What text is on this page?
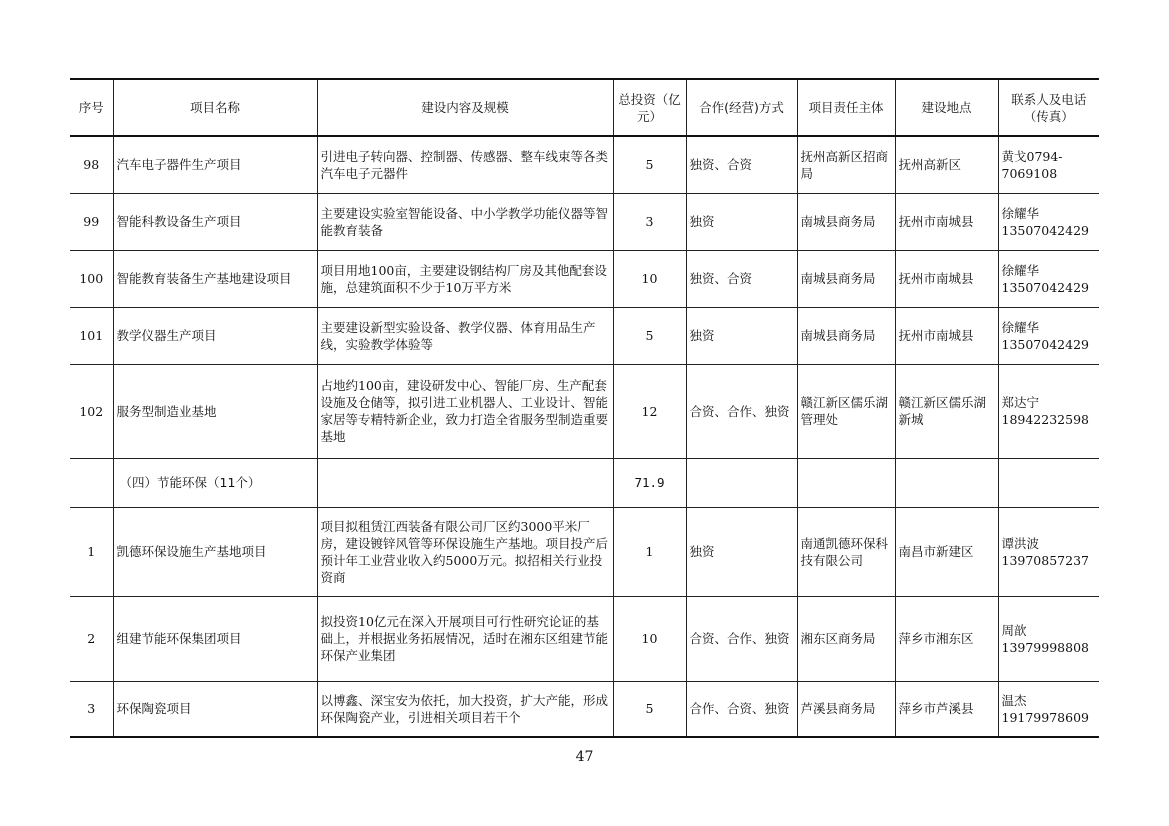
序号	项目名称	建设内容及规模	总投资（亿元）	合作(经营)方式	项目责任主体	建设地点	联系人及电话（传真）
98	汽车电子器件生产项目	引进电子转向器、控制器、传感器、整车线束等各类汽车电子元器件	5	独资、合资	抚州高新区招商局	抚州高新区	黄戈0794-
7069108

99	智能科教设备生产项目	主要建设实验室智能设备、中小学教学功能仪器等智能教育装备	3	独资	南城县商务局	抚州市南城县	徐耀华
13507042429

100	智能教育装备生产基地建设项目	项目用地100亩，主要建设钢结构厂房及其他配套设施，总建筑面积不少于10万平方米	10	独资、合资	南城县商务局	抚州市南城县	徐耀华
13507042429

101	教学仪器生产项目	主要建设新型实验设备、教学仪器、体育用品生产线，实验教学体验等	5	独资	南城县商务局	抚州市南城县	徐耀华
13507042429

102	服务型制造业基地	占地约100亩，建设研发中心、智能厂房、生产配套设施及仓储等，拟引进工业机器人、工业设计、智能家居等专精特新企业，致力打造全省服务型制造重要基地	12	合资、合作、独资	赣江新区儒乐湖管理处	赣江新区儒乐湖新城	郑达宁
18942232598

	（四）节能环保（11个）		71.9				
1	凯德环保设施生产基地项目	项目拟租赁江西装备有限公司厂区约3000平米厂房，建设镀锌风管等环保设施生产基地。项目投产后预计年工业营业收入约5000万元。拟招相关行业投资商	1	独资	南通凯德环保科技有限公司	南昌市新建区	谭洪波
13970857237

2	组建节能环保集团项目	拟投资10亿元在深入开展项目可行性研究论证的基础上，并根据业务拓展情况，适时在湘东区组建节能环保产业集团	10	合资、合作、独资	湘东区商务局	萍乡市湘东区	周歆
13979998808

3	环保陶瓷项目	以博鑫、深宝安为依托，加大投资，扩大产能，形成环保陶瓷产业，引进相关项目若干个	5	合作、合资、独资	芦溪县商务局	萍乡市芦溪县	温杰
19179978609
47
